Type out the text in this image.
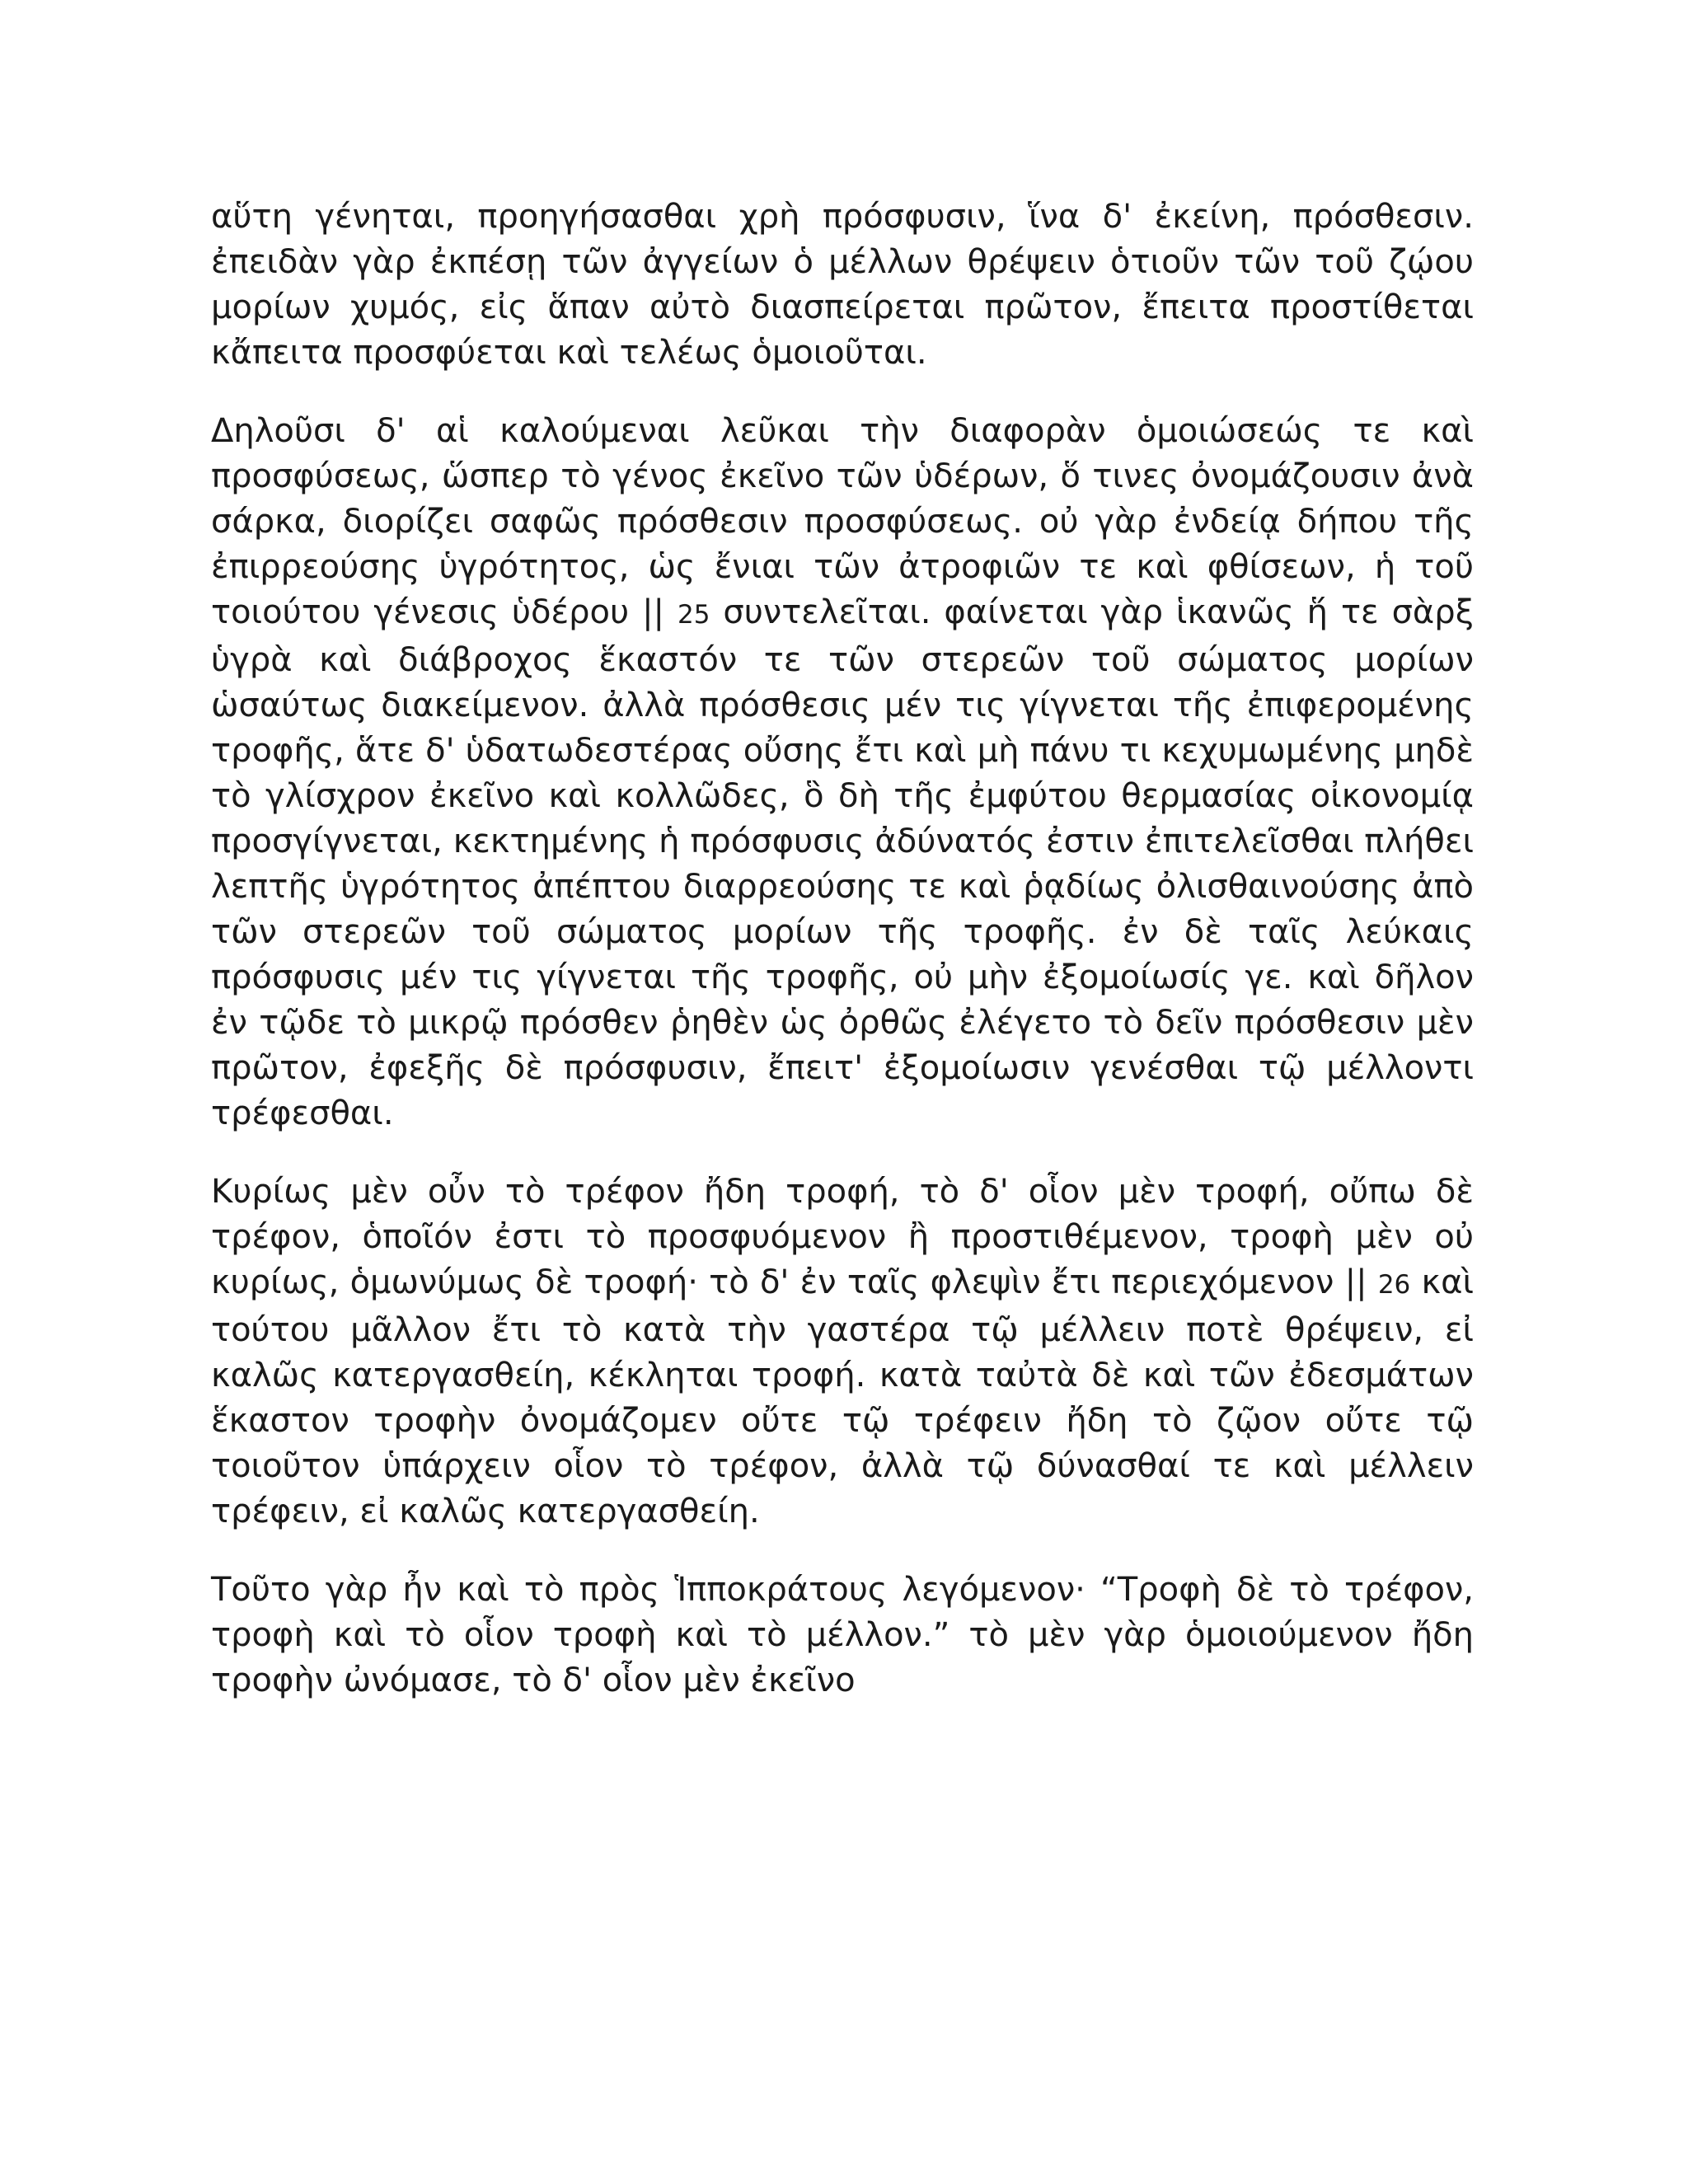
αὕτη γένηται, προηγήσασθαι χρὴ πρόσφυσιν, ἵνα δ' ἐκείνη, πρόσθεσιν. ἐπειδὰν γὰρ ἐκπέσῃ τῶν ἀγγείων ὁ μέλλων θρέψειν ὁτιοῦν τῶν τοῦ ζῴου μορίων χυμός, εἰς ἅπαν αὐτὸ διασπείρεται πρῶτον, ἔπειτα προστίθεται κἄπειτα προσφύεται καὶ τελέως ὁμοιοῦται.

Δηλοῦσι δ' αἱ καλούμεναι λεῦκαι τὴν διαφορὰν ὁμοιώσεώς τε καὶ προσφύσεως, ὥσπερ τὸ γένος ἐκεῖνο τῶν ὑδέρων, ὅ τινες ὀνομάζουσιν ἀνὰ σάρκα, διορίζει σαφῶς πρόσθεσιν προσφύσεως. οὐ γὰρ ἐνδείᾳ δήπου τῆς ἐπιρρεούσης ὑγρότητος, ὡς ἔνιαι τῶν ἀτροφιῶν τε καὶ φθίσεων, ἡ τοῦ τοιούτου γένεσις ὑδέρου || 25 συντελεῖται. φαίνεται γὰρ ἱκανῶς ἥ τε σὰρξ ὑγρὰ καὶ διάβροχος ἕκαστόν τε τῶν στερεῶν τοῦ σώματος μορίων ὡσαύτως διακείμενον. ἀλλὰ πρόσθεσις μέν τις γίγνεται τῆς ἐπιφερομένης τροφῆς, ἅτε δ' ὑδατωδεστέρας οὔσης ἔτι καὶ μὴ πάνυ τι κεχυμωμένης μηδὲ τὸ γλίσχρον ἐκεῖνο καὶ κολλῶδες, ὃ δὴ τῆς ἐμφύτου θερμασίας οἰκονομίᾳ προσγίγνεται, κεκτημένης ἡ πρόσφυσις ἀδύνατός ἐστιν ἐπιτελεῖσθαι πλήθει λεπτῆς ὑγρότητος ἀπέπτου διαρρεούσης τε καὶ ῥᾳδίως ὀλισθαινούσης ἀπὸ τῶν στερεῶν τοῦ σώματος μορίων τῆς τροφῆς. ἐν δὲ ταῖς λεύκαις πρόσφυσις μέν τις γίγνεται τῆς τροφῆς, οὐ μὴν ἐξομοίωσίς γε. καὶ δῆλον ἐν τῷδε τὸ μικρῷ πρόσθεν ῥηθὲν ὡς ὀρθῶς ἐλέγετο τὸ δεῖν πρόσθεσιν μὲν πρῶτον, ἐφεξῆς δὲ πρόσφυσιν, ἔπειτ' ἐξομοίωσιν γενέσθαι τῷ μέλλοντι τρέφεσθαι.

Κυρίως μὲν οὖν τὸ τρέφον ἤδη τροφή, τὸ δ' οἷον μὲν τροφή, οὔπω δὲ τρέφον, ὁποῖόν ἐστι τὸ προσφυόμενον ἢ προστιθέμενον, τροφὴ μὲν οὐ κυρίως, ὁμωνύμως δὲ τροφή· τὸ δ' ἐν ταῖς φλεψὶν ἔτι περιεχόμενον || 26 καὶ τούτου μᾶλλον ἔτι τὸ κατὰ τὴν γαστέρα τῷ μέλλειν ποτὲ θρέψειν, εἰ καλῶς κατεργασθείη, κέκληται τροφή. κατὰ ταὐτὰ δὲ καὶ τῶν ἐδεσμάτων ἕκαστον τροφὴν ὀνομάζομεν οὔτε τῷ τρέφειν ἤδη τὸ ζῷον οὔτε τῷ τοιοῦτον ὑπάρχειν οἷον τὸ τρέφον, ἀλλὰ τῷ δύνασθαί τε καὶ μέλλειν τρέφειν, εἰ καλῶς κατεργασθείη.

Τοῦτο γὰρ ἦν καὶ τὸ πρὸς Ἱπποκράτους λεγόμενον· “Τροφὴ δὲ τὸ τρέφον, τροφὴ καὶ τὸ οἷον τροφὴ καὶ τὸ μέλλον.” τὸ μὲν γὰρ ὁμοιούμενον ἤδη τροφὴν ὠνόμασε, τὸ δ' οἷον μὲν ἐκεῖνο
